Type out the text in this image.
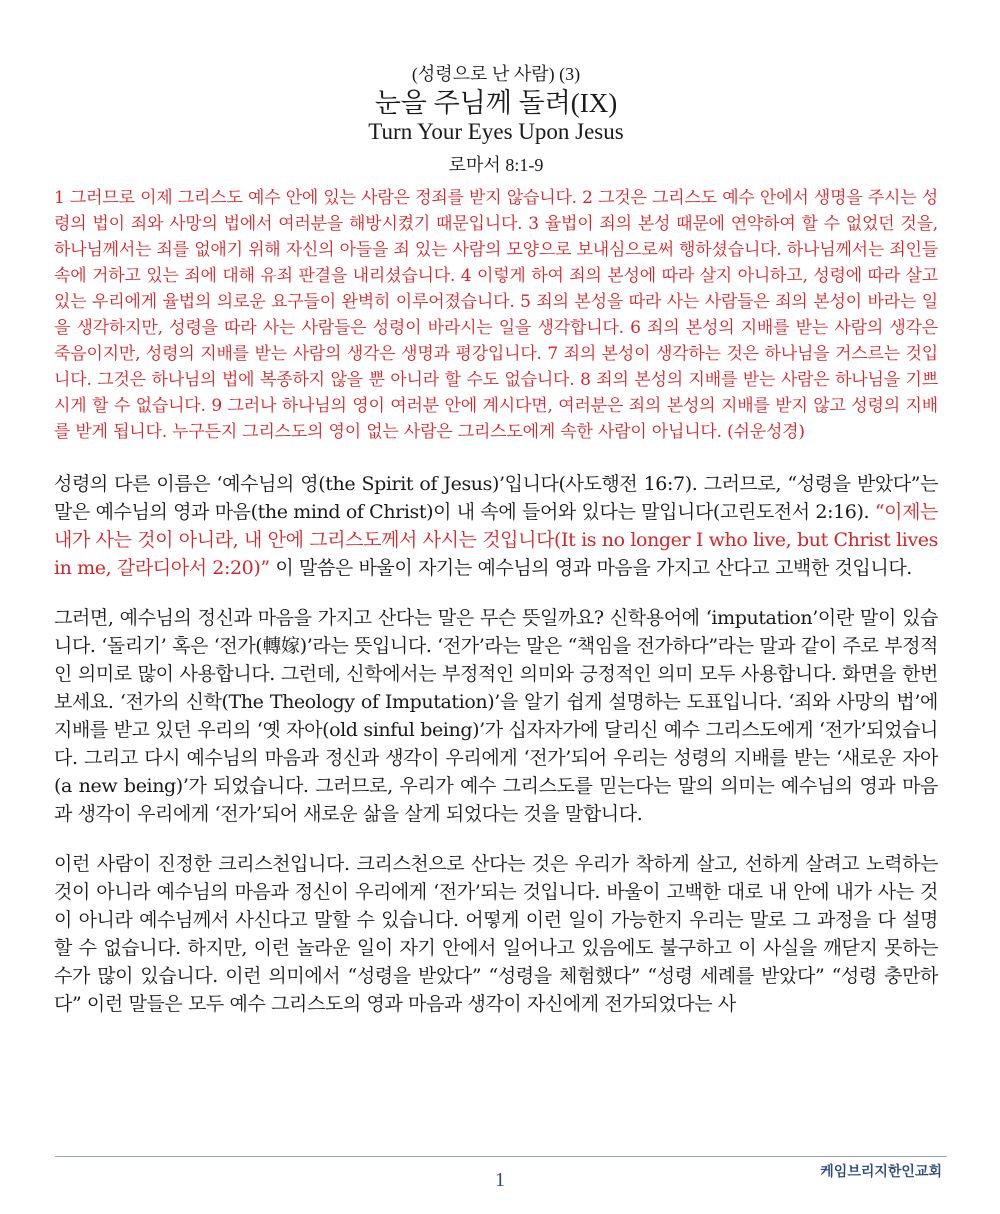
(성령으로 난 사람) (3)
눈을 주님께 돌려(IX)
Turn Your Eyes Upon Jesus
로마서 8:1-9
1 그러므로 이제 그리스도 예수 안에 있는 사람은 정죄를 받지 않습니다. 2 그것은 그리스도 예수 안에서 생명을 주시는 성령의 법이 죄와 사망의 법에서 여러분을 해방시켰기 때문입니다. 3 율법이 죄의 본성 때문에 연약하여 할 수 없었던 것을, 하나님께서는 죄를 없애기 위해 자신의 아들을 죄 있는 사람의 모양으로 보내심으로써 행하셨습니다. 하나님께서는 죄인들 속에 거하고 있는 죄에 대해 유죄 판결을 내리셨습니다. 4 이렇게 하여 죄의 본성에 따라 살지 아니하고, 성령에 따라 살고 있는 우리에게 율법의 의로운 요구들이 완벽히 이루어졌습니다. 5 죄의 본성을 따라 사는 사람들은 죄의 본성이 바라는 일을 생각하지만, 성령을 따라 사는 사람들은 성령이 바라시는 일을 생각합니다. 6 죄의 본성의 지배를 받는 사람의 생각은 죽음이지만, 성령의 지배를 받는 사람의 생각은 생명과 평강입니다. 7 죄의 본성이 생각하는 것은 하나님을 거스르는 것입니다. 그것은 하나님의 법에 복종하지 않을 뿐 아니라 할 수도 없습니다. 8 죄의 본성의 지배를 받는 사람은 하나님을 기쁘시게 할 수 없습니다. 9 그러나 하나님의 영이 여러분 안에 계시다면, 여러분은 죄의 본성의 지배를 받지 않고 성령의 지배를 받게 됩니다. 누구든지 그리스도의 영이 없는 사람은 그리스도에게 속한 사람이 아닙니다. (쉬운성경)
성령의 다른 이름은 ‘예수님의 영(the Spirit of Jesus)’입니다(사도행전 16:7). 그러므로, “성령을 받았다”는 말은 예수님의 영과 마음(the mind of Christ)이 내 속에 들어와 있다는 말입니다(고린도전서 2:16). “이제는 내가 사는 것이 아니라, 내 안에 그리스도께서 사시는 것입니다(It is no longer I who live, but Christ lives in me, 갈라디아서 2:20)” 이 말씀은 바울이 자기는 예수님의 영과 마음을 가지고 산다고 고백한 것입니다.
그러면, 예수님의 정신과 마음을 가지고 산다는 말은 무슨 뜻일까요? 신학용어에 ‘imputation’이란 말이 있습니다. ‘돌리기’ 혹은 ‘전가(轉嫁)’라는 뜻입니다. ‘전가’라는 말은 “책임을 전가하다”라는 말과 같이 주로 부정적인 의미로 많이 사용합니다. 그런데, 신학에서는 부정적인 의미와 긍정적인 의미 모두 사용합니다. 화면을 한번 보세요. ‘전가의 신학(The Theology of Imputation)’을 알기 쉽게 설명하는 도표입니다. ‘죄와 사망의 법’에 지배를 받고 있던 우리의 ‘옛 자아(old sinful being)’가 십자자가에 달리신 예수 그리스도에게 ‘전가’되었습니다. 그리고 다시 예수님의 마음과 정신과 생각이 우리에게 ‘전가’되어 우리는 성령의 지배를 받는 ‘새로운 자아(a new being)’가 되었습니다. 그러므로, 우리가 예수 그리스도를 믿는다는 말의 의미는 예수님의 영과 마음과 생각이 우리에게 ‘전가’되어 새로운 삶을 살게 되었다는 것을 말합니다.
이런 사람이 진정한 크리스천입니다. 크리스천으로 산다는 것은 우리가 착하게 살고, 선하게 살려고 노력하는 것이 아니라 예수님의 마음과 정신이 우리에게 ‘전가’되는 것입니다. 바울이 고백한 대로 내 안에 내가 사는 것이 아니라 예수님께서 사신다고 말할 수 있습니다. 어떻게 이런 일이 가능한지 우리는 말로 그 과정을 다 설명할 수 없습니다. 하지만, 이런 놀라운 일이 자기 안에서 일어나고 있음에도 불구하고 이 사실을 깨닫지 못하는 수가 많이 있습니다. 이런 의미에서 “성령을 받았다” “성령을 체험했다” “성령 세례를 받았다” “성령 충만하다” 이런 말들은 모두 예수 그리스도의 영과 마음과 생각이 자신에게 전가되었다는 사
1	케임브리지한인교회
